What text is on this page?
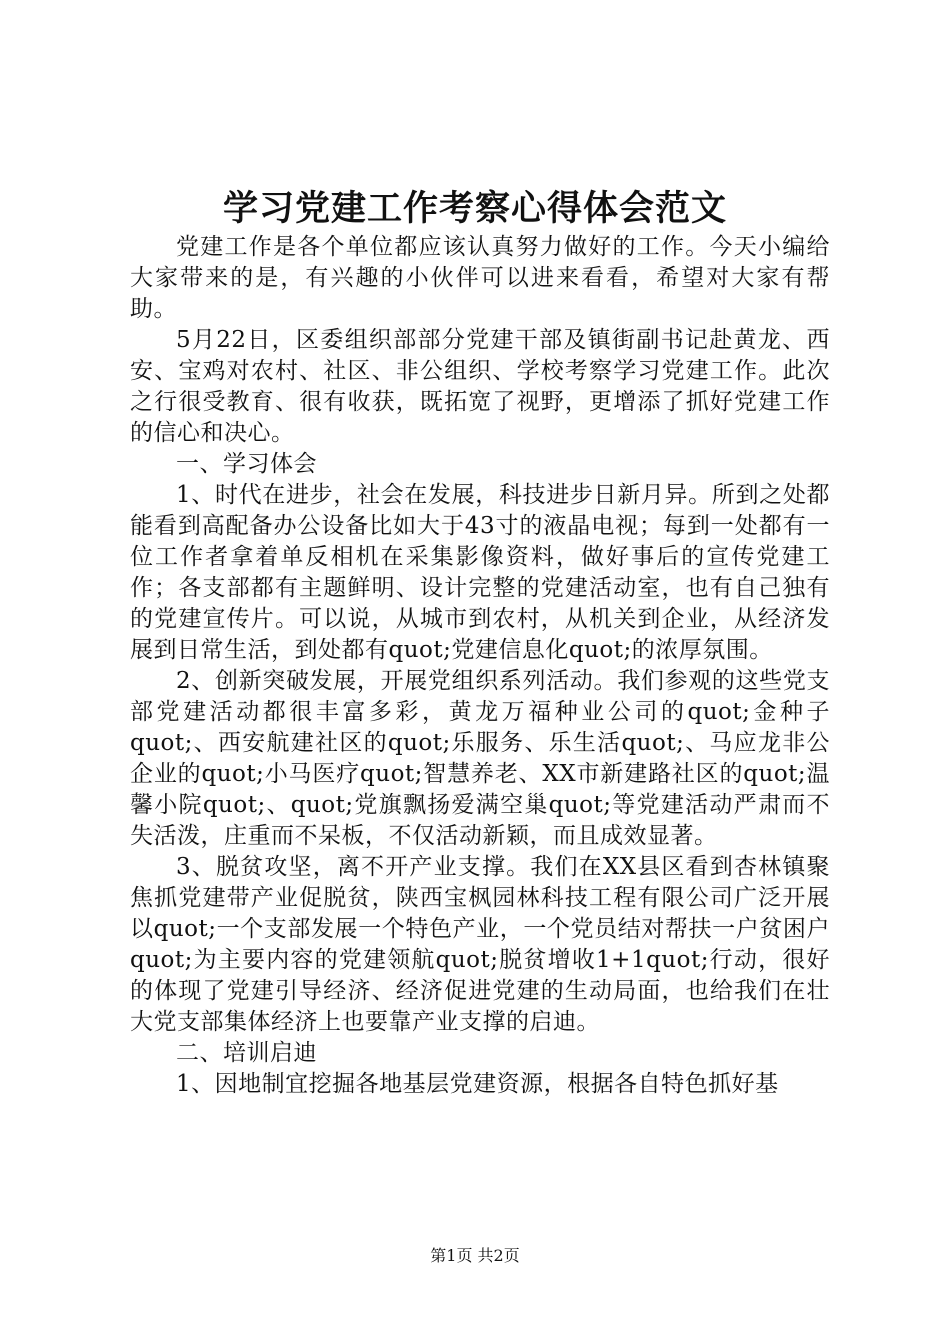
学习党建工作考察心得体会范文

党建工作是各个单位都应该认真努力做好的工作。今天小编给大家带来的是，有兴趣的小伙伴可以进来看看，希望对大家有帮助。

5月22日，区委组织部部分党建干部及镇街副书记赴黄龙、西安、宝鸡对农村、社区、非公组织、学校考察学习党建工作。此次之行很受教育、很有收获，既拓宽了视野，更增添了抓好党建工作的信心和决心。

一、学习体会

1、时代在进步，社会在发展，科技进步日新月异。所到之处都能看到高配备办公设备比如大于43寸的液晶电视；每到一处都有一位工作者拿着单反相机在采集影像资料，做好事后的宣传党建工作；各支部都有主题鲜明、设计完整的党建活动室，也有自己独有的党建宣传片。可以说，从城市到农村，从机关到企业，从经济发展到日常生活，到处都有quot;党建信息化quot;的浓厚氛围。

2、创新突破发展，开展党组织系列活动。我们参观的这些党支部党建活动都很丰富多彩，黄龙万福种业公司的quot;金种子quot;、西安航建社区的quot;乐服务、乐生活quot;、马应龙非公企业的quot;小马医疗quot;智慧养老、XX市新建路社区的quot;温馨小院quot;、quot;党旗飘扬爱满空巢quot;等党建活动严肃而不失活泼，庄重而不呆板，不仅活动新颖，而且成效显著。

3、脱贫攻坚，离不开产业支撑。我们在XX县区看到杏林镇聚焦抓党建带产业促脱贫，陕西宝枫园林科技工程有限公司广泛开展以quot;一个支部发展一个特色产业，一个党员结对帮扶一户贫困户quot;为主要内容的党建领航quot;脱贫增收1+1quot;行动，很好的体现了党建引导经济、经济促进党建的生动局面，也给我们在壮大党支部集体经济上也要靠产业支撑的启迪。

二、培训启迪

1、因地制宜挖掘各地基层党建资源，根据各自特色抓好基

第1页 共2页
